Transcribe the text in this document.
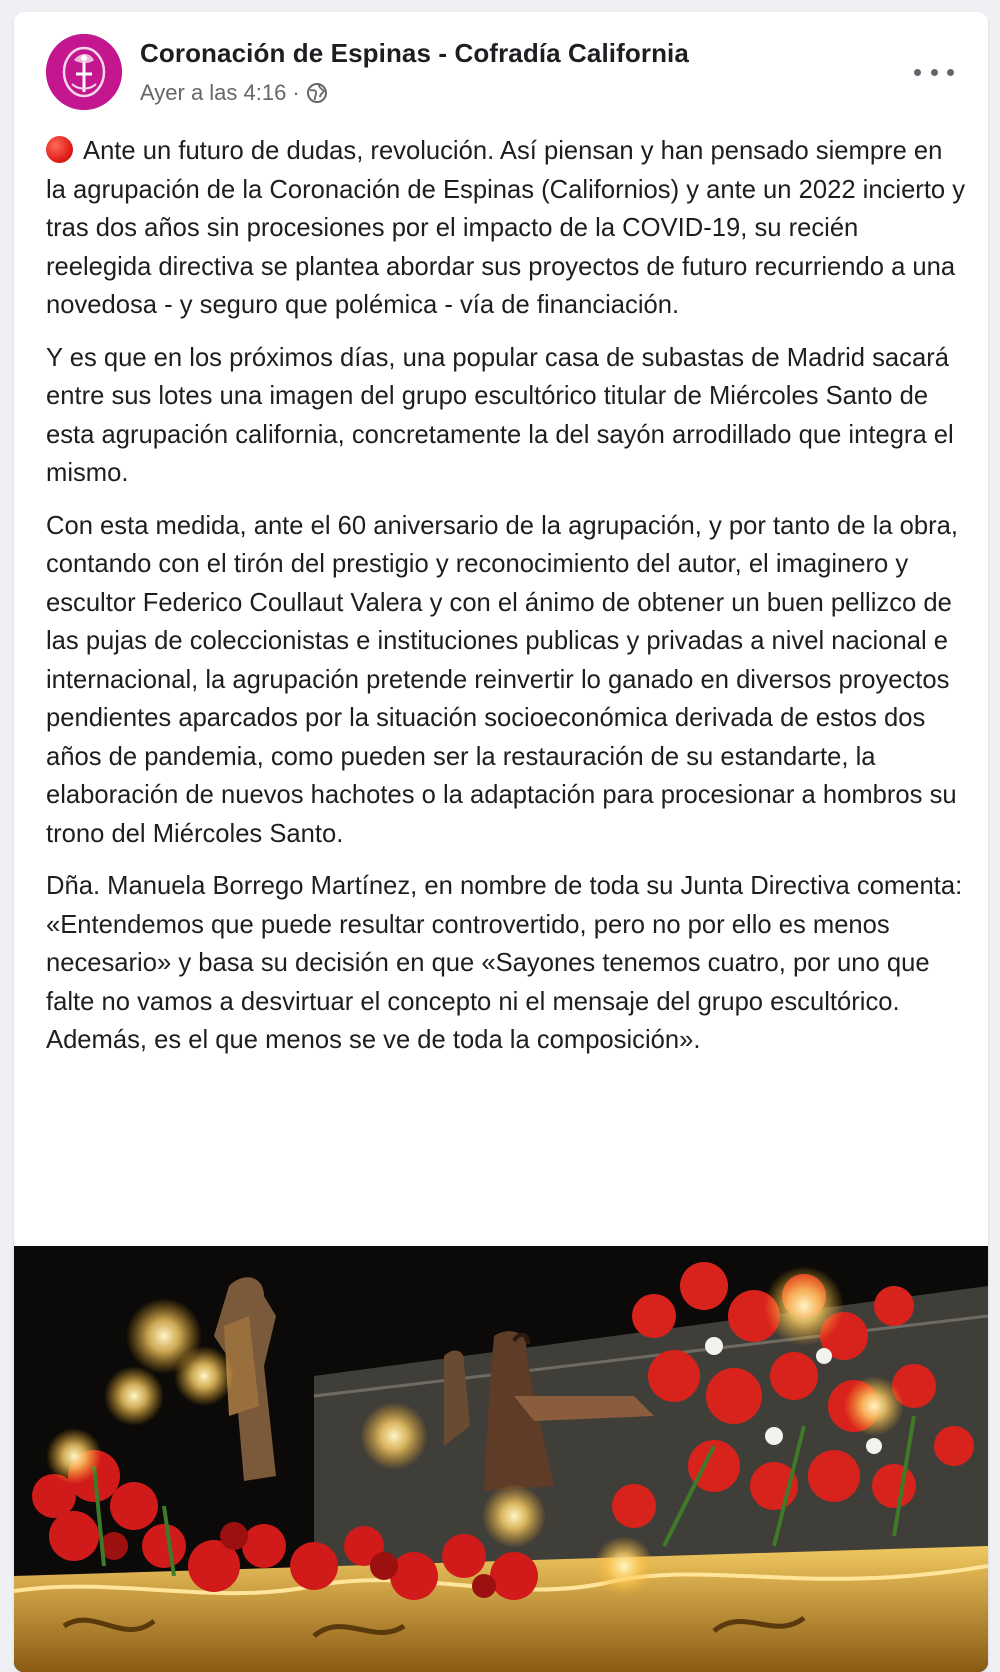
Coronación de Espinas - Cofradía California
Ayer a las 4:16 ·

Ante un futuro de dudas, revolución. Así piensan y han pensado siempre en la agrupación de la Coronación de Espinas (Californios) y ante un 2022 incierto y tras dos años sin procesiones por el impacto de la COVID-19, su recién reelegida directiva se plantea abordar sus proyectos de futuro recurriendo a una novedosa - y seguro que polémica - vía de financiación.

Y es que en los próximos días, una popular casa de subastas de Madrid sacará entre sus lotes una imagen del grupo escultórico titular de Miércoles Santo de esta agrupación california, concretamente la del sayón arrodillado que integra el mismo.

Con esta medida, ante el 60 aniversario de la agrupación, y por tanto de la obra, contando con el tirón del prestigio y reconocimiento del autor, el imaginero y escultor Federico Coullaut Valera y con el ánimo de obtener un buen pellizco de las pujas de coleccionistas e instituciones publicas y privadas a nivel nacional e internacional, la agrupación pretende reinvertir lo ganado en diversos proyectos pendientes aparcados por la situación socioeconómica derivada de estos dos años de pandemia, como pueden ser la restauración de su estandarte, la elaboración de nuevos hachotes o la adaptación para procesionar a hombros su trono del Miércoles Santo.

Dña. Manuela Borrego Martínez, en nombre de toda su Junta Directiva comenta: «Entendemos que puede resultar controvertido, pero no por ello es menos necesario» y basa su decisión en que «Sayones tenemos cuatro, por uno que falte no vamos a desvirtuar el concepto ni el mensaje del grupo escultórico. Además, es el que menos se ve de toda la composición».
